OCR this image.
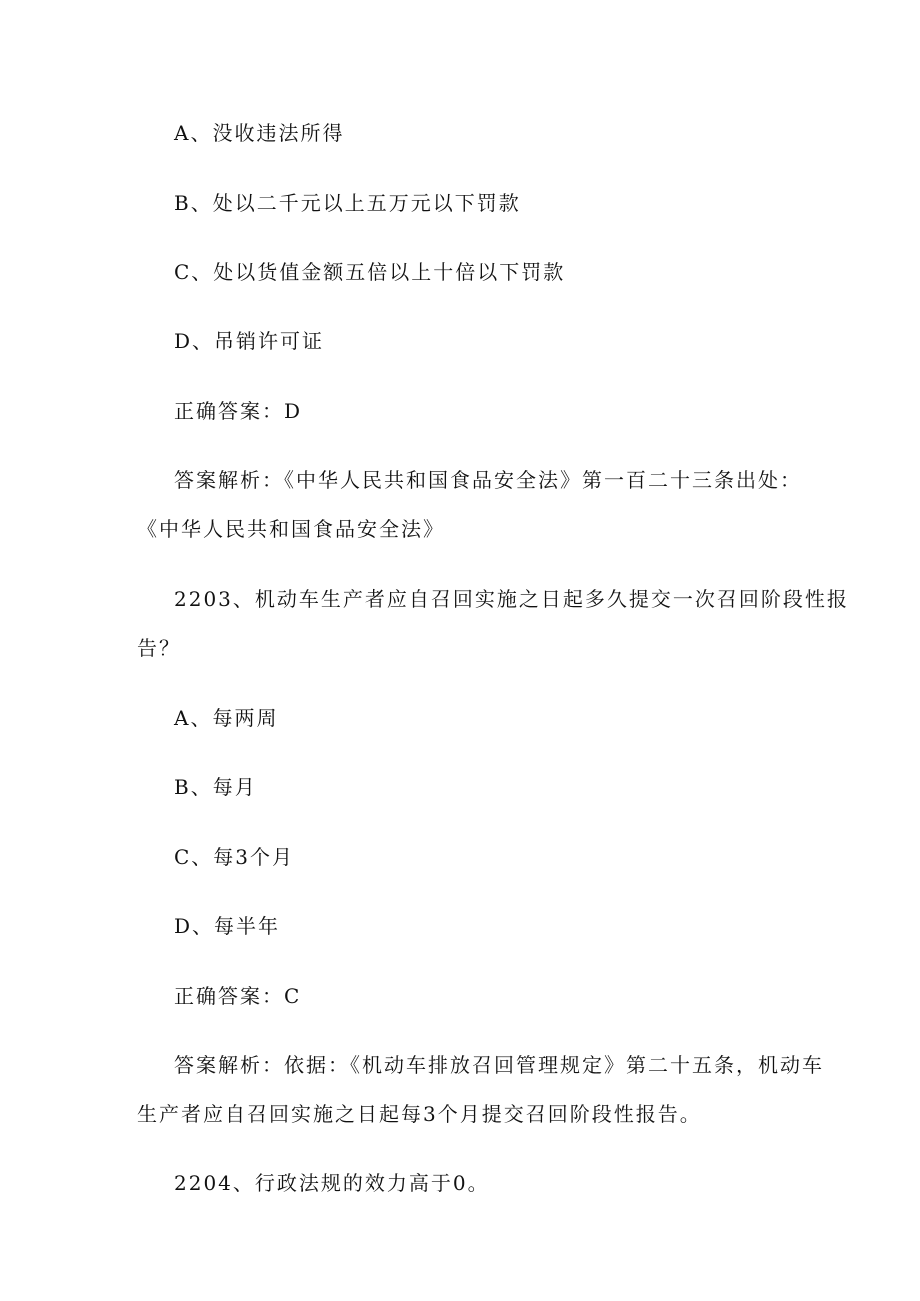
A、没收违法所得
B、处以二千元以上五万元以下罚款
C、处以货值金额五倍以上十倍以下罚款
D、吊销许可证
正确答案：D
答案解析：《中华人民共和国食品安全法》第一百二十三条出处：
《中华人民共和国食品安全法》
2203、机动车生产者应自召回实施之日起多久提交一次召回阶段性报
告？
A、每两周
B、每月
C、每3个月
D、每半年
正确答案：C
答案解析：依据：《机动车排放召回管理规定》第二十五条，机动车
生产者应自召回实施之日起每3个月提交召回阶段性报告。
2204、行政法规的效力高于0。
